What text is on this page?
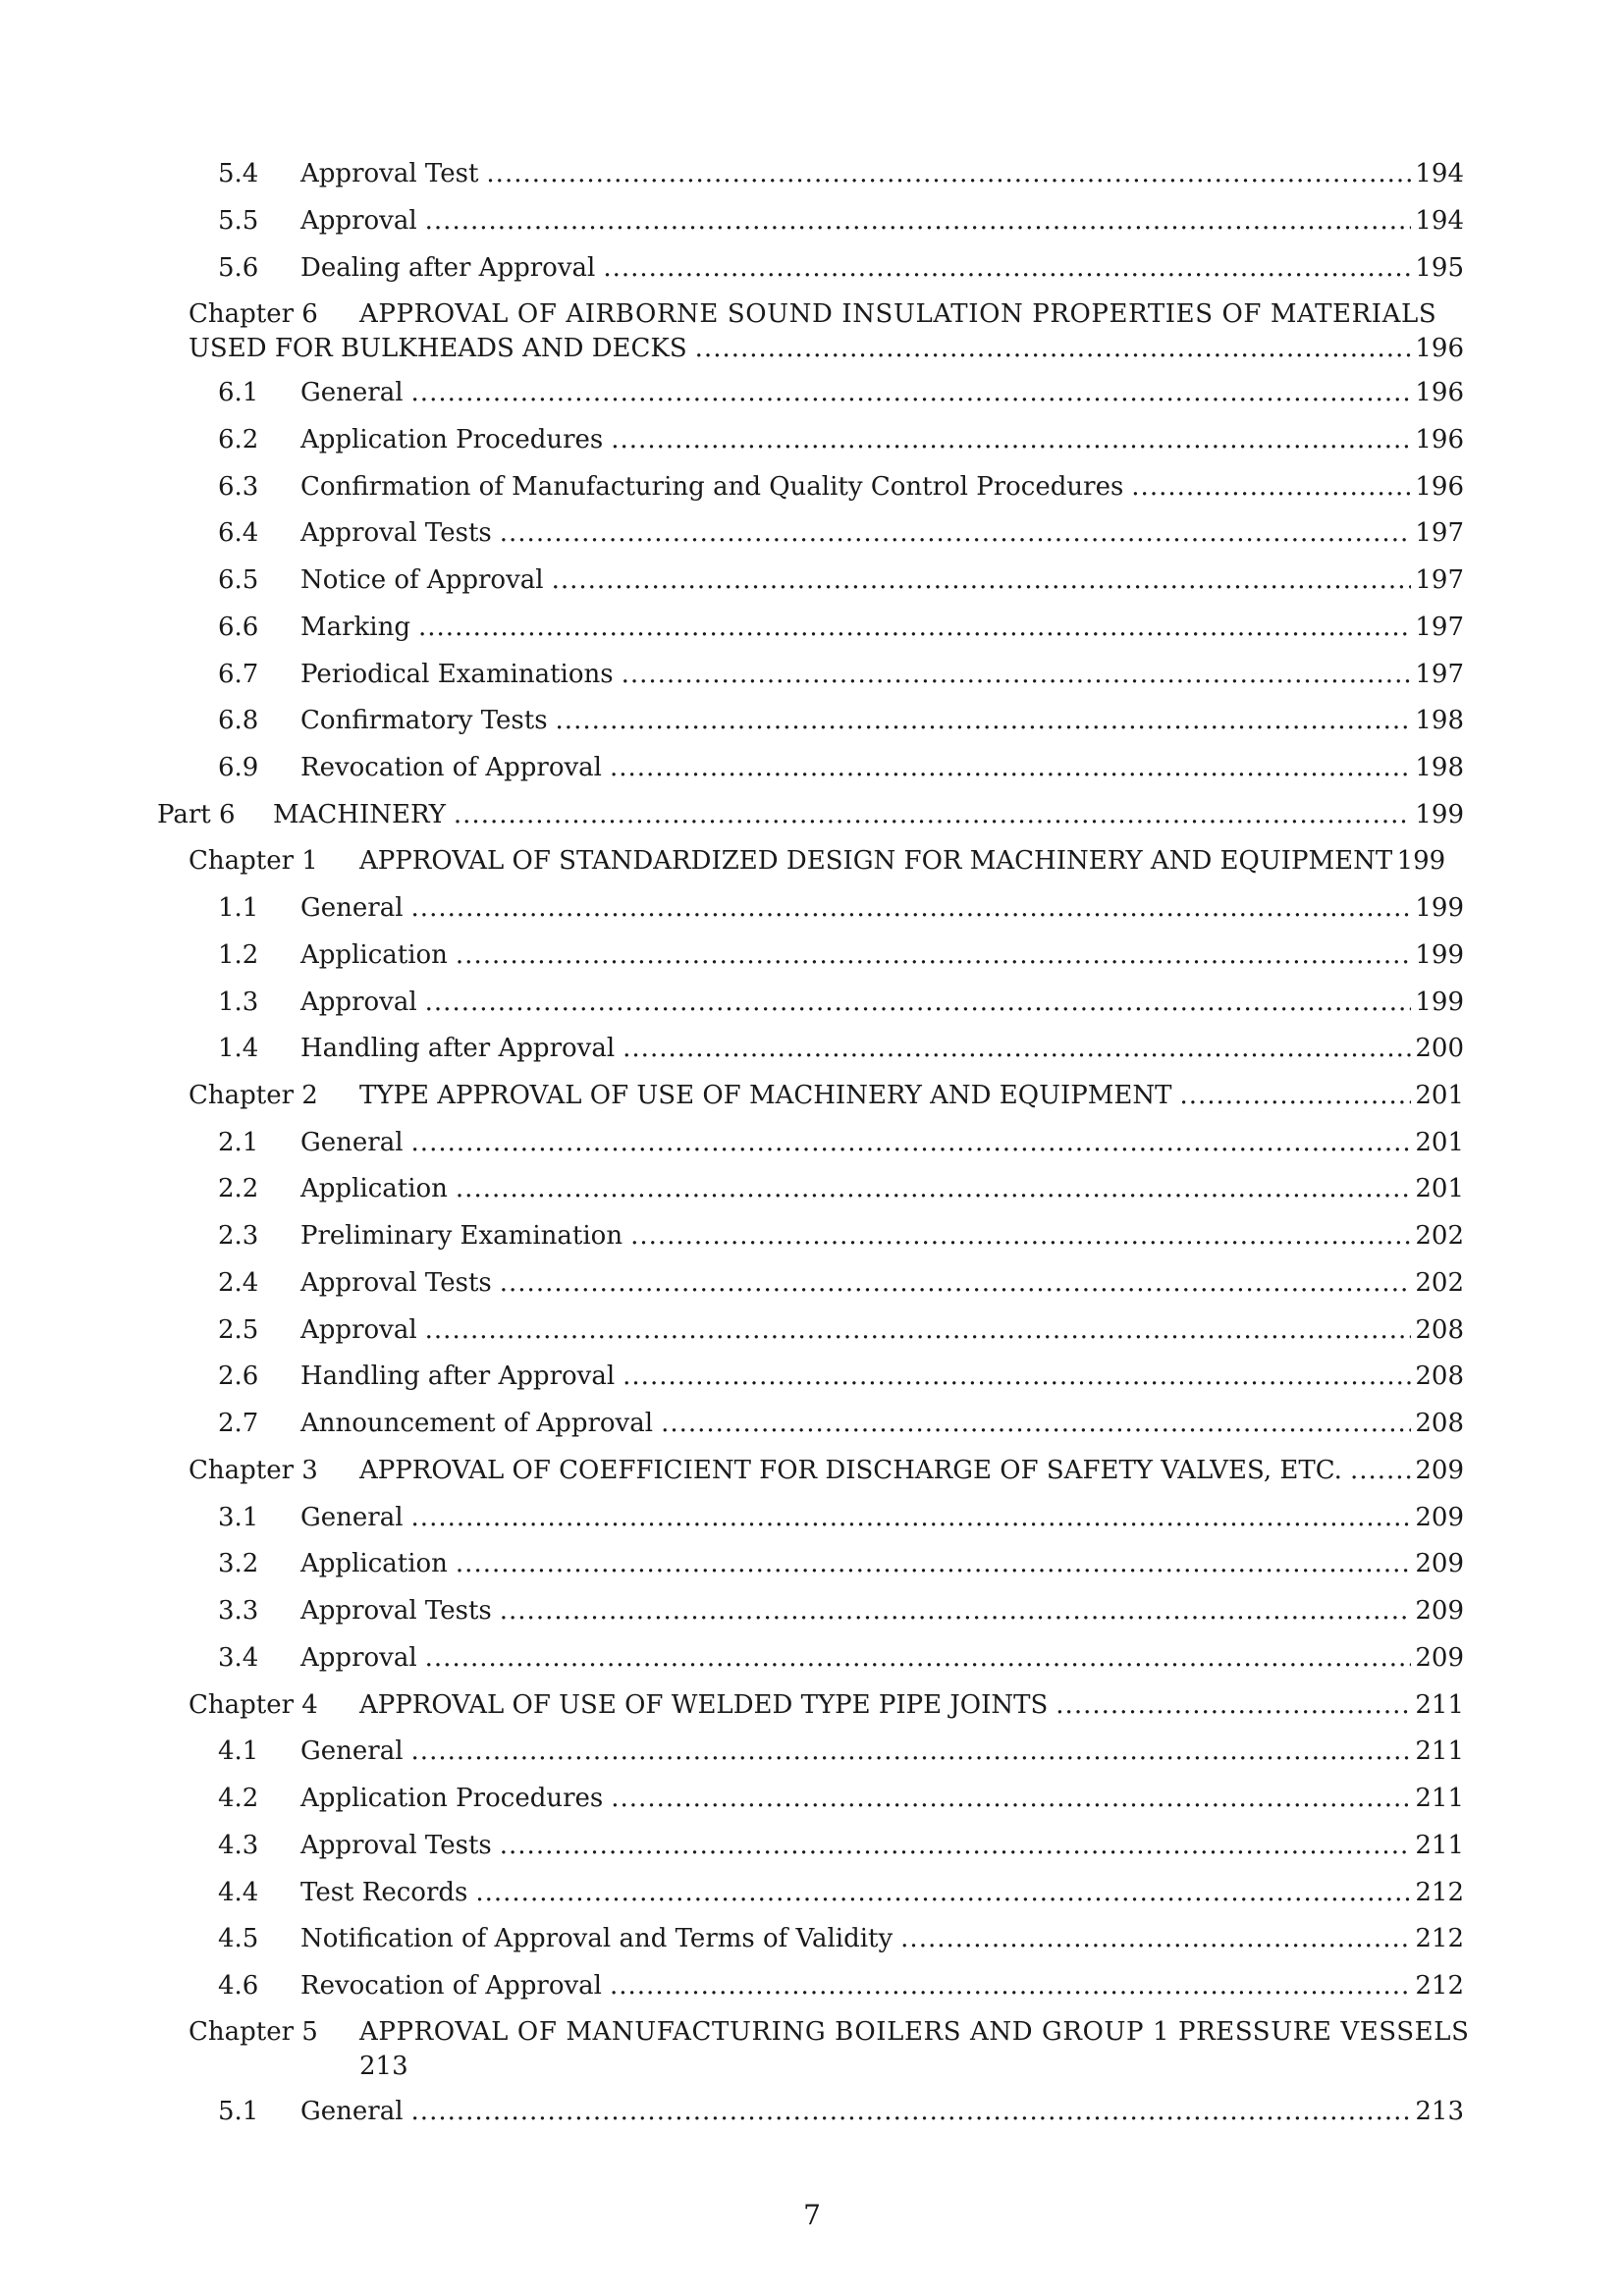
5.4 Approval Test .....	194
5.5 Approval .....	194
5.6 Dealing after Approval .....	195
Chapter 6 APPROVAL OF AIRBORNE SOUND INSULATION PROPERTIES OF MATERIALS
USED FOR BULKHEADS AND DECKS .....	196
6.1 General .....	196
6.2 Application Procedures .....	196
6.3 Confirmation of Manufacturing and Quality Control Procedures .....	196
6.4 Approval Tests .....	197
6.5 Notice of Approval .....	197
6.6 Marking .....	197
6.7 Periodical Examinations .....	197
6.8 Confirmatory Tests .....	198
6.9 Revocation of Approval .....	198
Part 6 MACHINERY .....	199
Chapter 1 APPROVAL OF STANDARDIZED DESIGN FOR MACHINERY AND EQUIPMENT 199
1.1 General .....	199
1.2 Application .....	199
1.3 Approval .....	199
1.4 Handling after Approval .....	200
Chapter 2 TYPE APPROVAL OF USE OF MACHINERY AND EQUIPMENT .....	201
2.1 General .....	201
2.2 Application .....	201
2.3 Preliminary Examination .....	202
2.4 Approval Tests .....	202
2.5 Approval .....	208
2.6 Handling after Approval .....	208
2.7 Announcement of Approval .....	208
Chapter 3 APPROVAL OF COEFFICIENT FOR DISCHARGE OF SAFETY VALVES, ETC. .....	209
3.1 General .....	209
3.2 Application .....	209
3.3 Approval Tests .....	209
3.4 Approval .....	209
Chapter 4 APPROVAL OF USE OF WELDED TYPE PIPE JOINTS .....	211
4.1 General .....	211
4.2 Application Procedures .....	211
4.3 Approval Tests .....	211
4.4 Test Records .....	212
4.5 Notification of Approval and Terms of Validity .....	212
4.6 Revocation of Approval .....	212
Chapter 5 APPROVAL OF MANUFACTURING BOILERS AND GROUP 1 PRESSURE VESSELS
213
5.1 General .....	213
7
